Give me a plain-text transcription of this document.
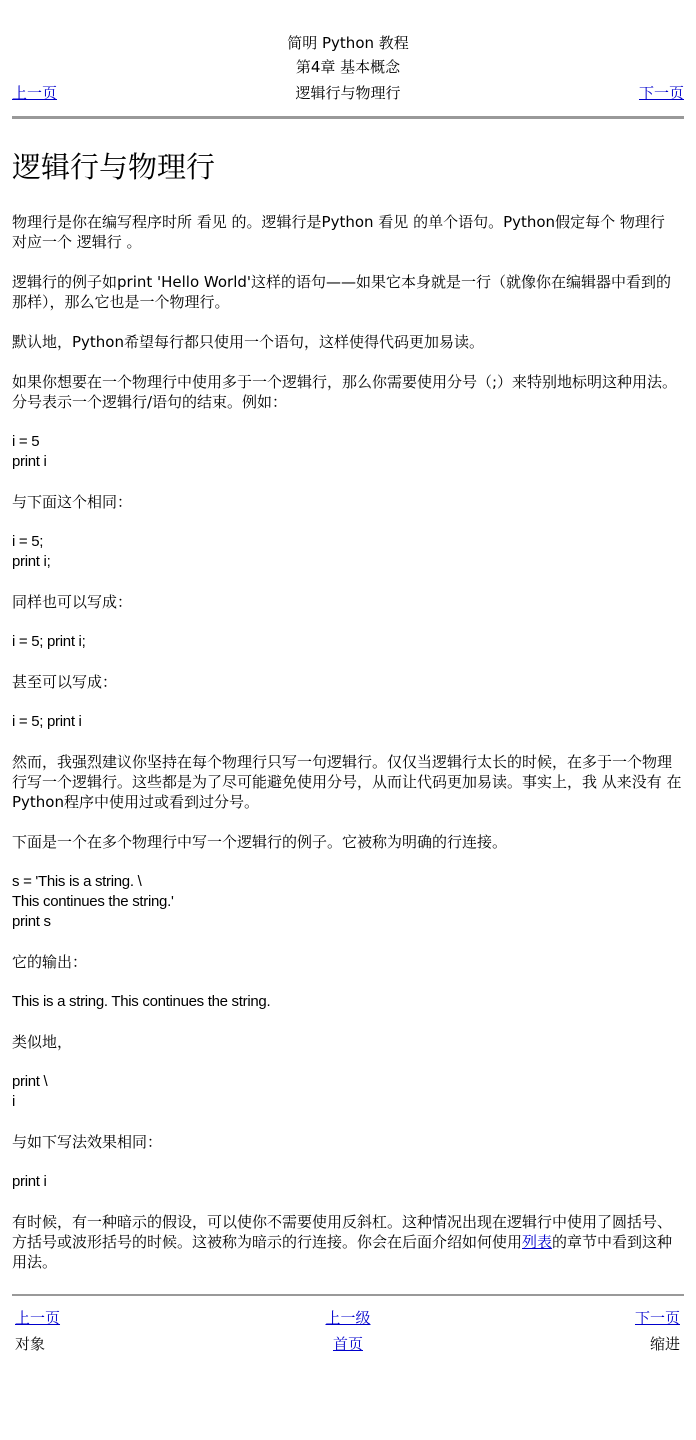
简明 Python 教程
第4章 基本概念
上一页	逻辑行与物理行	下一页
逻辑行与物理行

物理行是你在编写程序时所 看见 的。逻辑行是Python 看见 的单个语句。Python假定每个 物理行 对应一个 逻辑行 。

逻辑行的例子如print 'Hello World'这样的语句——如果它本身就是一行（就像你在编辑器中看到的那样），那么它也是一个物理行。

默认地，Python希望每行都只使用一个语句，这样使得代码更加易读。

如果你想要在一个物理行中使用多于一个逻辑行，那么你需要使用分号（;）来特别地标明这种用法。分号表示一个逻辑行/语句的结束。例如：

i = 5
print i

与下面这个相同：

i = 5;
print i;

同样也可以写成：

i = 5; print i;

甚至可以写成：

i = 5; print i

然而，我强烈建议你坚持在每个物理行只写一句逻辑行。仅仅当逻辑行太长的时候，在多于一个物理行写一个逻辑行。这些都是为了尽可能避免使用分号，从而让代码更加易读。事实上，我 从来没有 在Python程序中使用过或看到过分号。

下面是一个在多个物理行中写一个逻辑行的例子。它被称为明确的行连接。

s = 'This is a string. \
This continues the string.'
print s

它的输出：

This is a string. This continues the string.

类似地，

print \
i

与如下写法效果相同：

print i

有时候，有一种暗示的假设，可以使你不需要使用反斜杠。这种情况出现在逻辑行中使用了圆括号、方括号或波形括号的时候。这被称为暗示的行连接。你会在后面介绍如何使用列表的章节中看到这种用法。

上一页	上一级	下一页
对象	首页	缩进
